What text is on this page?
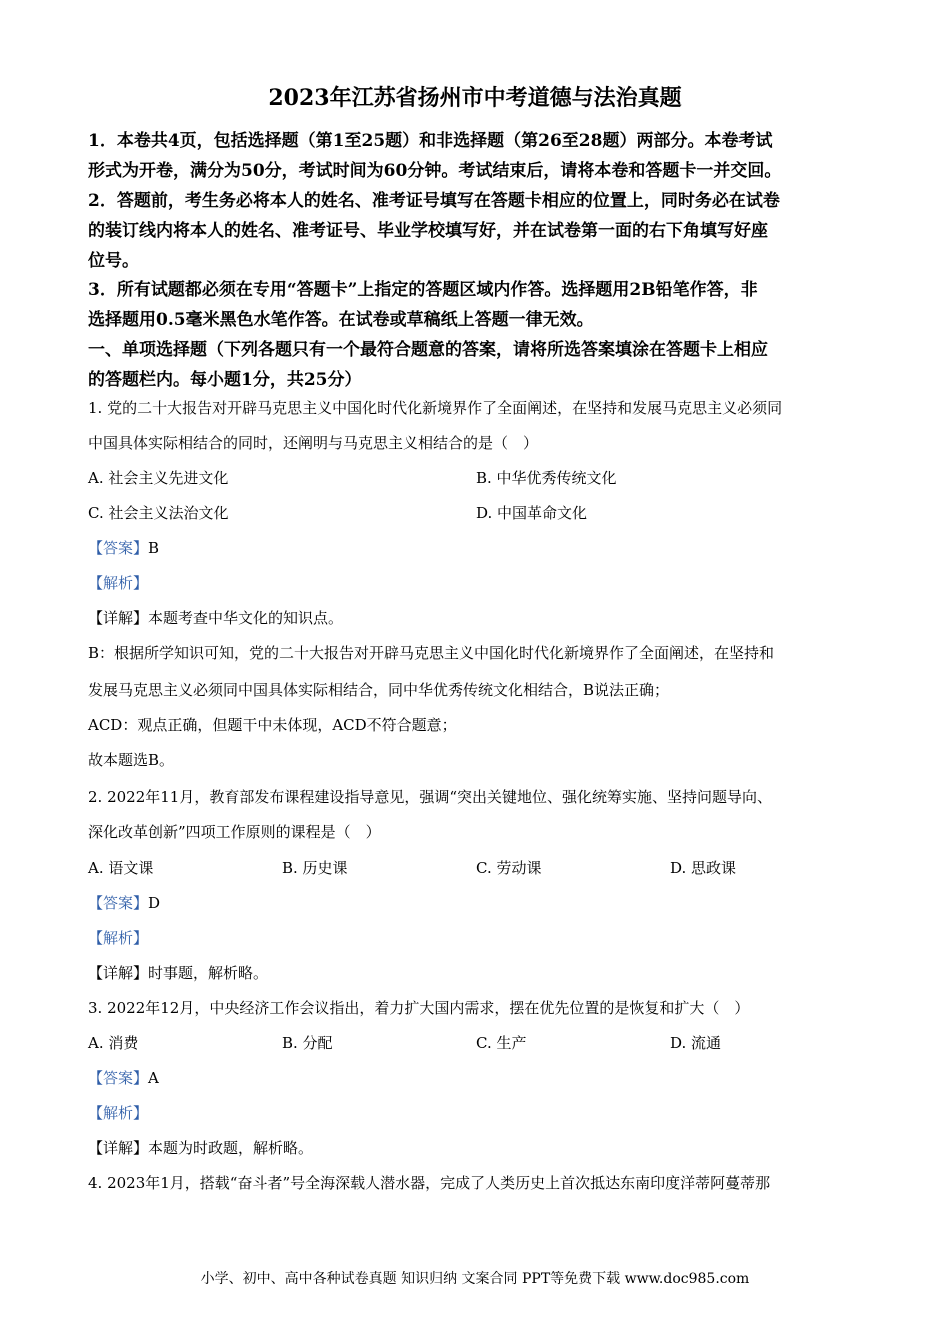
2023年江苏省扬州市中考道德与法治真题
1．本卷共4页，包括选择题（第1至25题）和非选择题（第26至28题）两部分。本卷考试
形式为开卷，满分为50分，考试时间为60分钟。考试结束后，请将本卷和答题卡一并交回。
2．答题前，考生务必将本人的姓名、准考证号填写在答题卡相应的位置上，同时务必在试卷
的装订线内将本人的姓名、准考证号、毕业学校填写好，并在试卷第一面的右下角填写好座
位号。
3．所有试题都必须在专用“答题卡”上指定的答题区域内作答。选择题用2B铅笔作答，非
选择题用0.5毫米黑色水笔作答。在试卷或草稿纸上答题一律无效。
一、单项选择题（下列各题只有一个最符合题意的答案，请将所选答案填涂在答题卡上相应
的答题栏内。每小题1分，共25分）
1. 党的二十大报告对开辟马克思主义中国化时代化新境界作了全面阐述，在坚持和发展马克思主义必须同
中国具体实际相结合的同时，还阐明与马克思主义相结合的是（　）
A. 社会主义先进文化	B. 中华优秀传统文化
C. 社会主义法治文化	D. 中国革命文化
【答案】B
【解析】
【详解】本题考查中华文化的知识点。
B：根据所学知识可知，党的二十大报告对开辟马克思主义中国化时代化新境界作了全面阐述，在坚持和
发展马克思主义必须同中国具体实际相结合，同中华优秀传统文化相结合，B说法正确；
ACD：观点正确，但题干中未体现，ACD不符合题意；
故本题选B。
2. 2022年11月，教育部发布课程建设指导意见，强调“突出关键地位、强化统筹实施、坚持问题导向、
深化改革创新”四项工作原则的课程是（　）
A. 语文课	B. 历史课	C. 劳动课	D. 思政课
【答案】D
【解析】
【详解】时事题，解析略。
3. 2022年12月，中央经济工作会议指出，着力扩大国内需求，摆在优先位置的是恢复和扩大（　）
A. 消费	B. 分配	C. 生产	D. 流通
【答案】A
【解析】
【详解】本题为时政题，解析略。
4. 2023年1月，搭载“奋斗者”号全海深载人潜水器，完成了人类历史上首次抵达东南印度洋蒂阿蔓蒂那
小学、初中、高中各种试卷真题 知识归纳 文案合同 PPT等免费下载 www.doc985.com
